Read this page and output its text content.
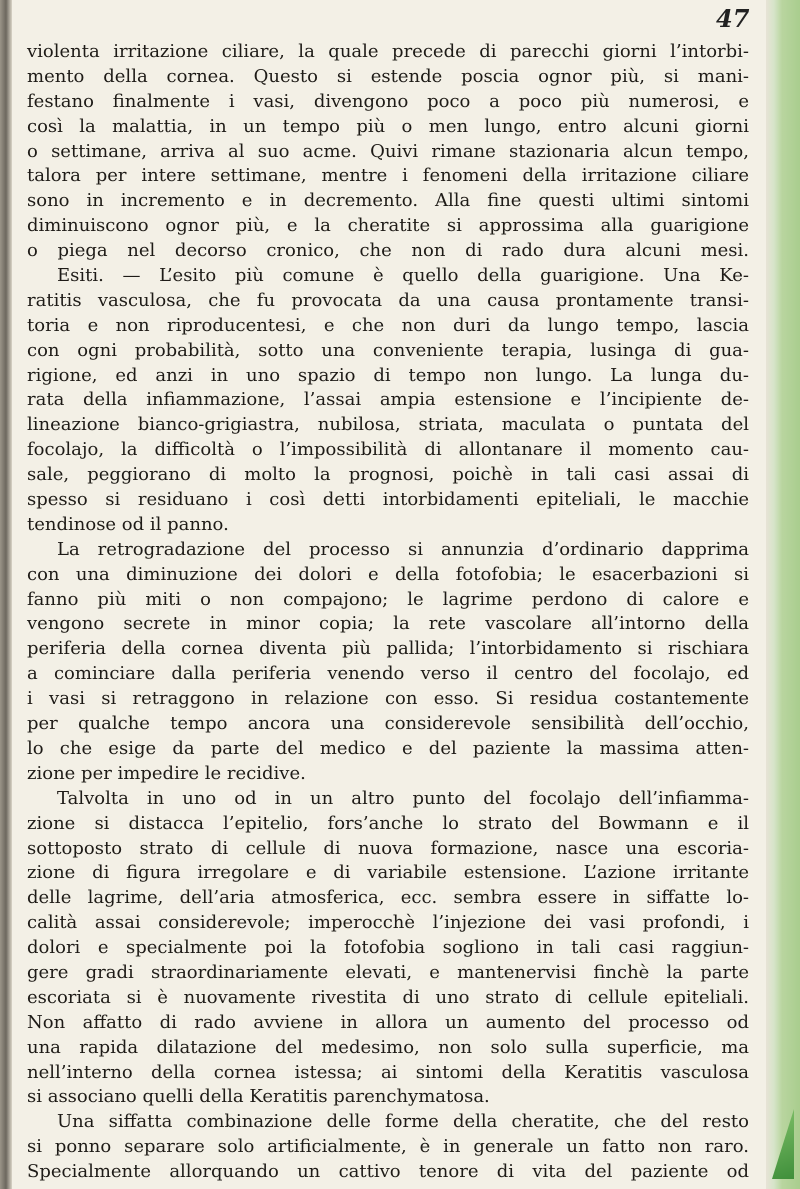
47
violenta irritazione ciliare, la quale precede di parecchi giorni l’intorbi-
mento della cornea. Questo si estende poscia ognor più, si mani-
festano finalmente i vasi, divengono poco a poco più numerosi, e
così la malattia, in un tempo più o men lungo, entro alcuni giorni
o settimane, arriva al suo acme. Quivi rimane stazionaria alcun tempo,
talora per intere settimane, mentre i fenomeni della irritazione ciliare
sono in incremento e in decremento. Alla fine questi ultimi sintomi
diminuiscono ognor più, e la cheratite si approssima alla guarigione
o piega nel decorso cronico, che non di rado dura alcuni mesi.
Esiti. — L’esito più comune è quello della guarigione. Una Ke-
ratitis vasculosa, che fu provocata da una causa prontamente transi-
toria e non riproducentesi, e che non duri da lungo tempo, lascia
con ogni probabilità, sotto una conveniente terapia, lusinga di gua-
rigione, ed anzi in uno spazio di tempo non lungo. La lunga du-
rata della infiammazione, l’assai ampia estensione e l’incipiente de-
lineazione bianco-grigiastra, nubilosa, striata, maculata o puntata del
focolajo, la difficoltà o l’impossibilità di allontanare il momento cau-
sale, peggiorano di molto la prognosi, poichè in tali casi assai di
spesso si residuano i così detti intorbidamenti epiteliali, le macchie
tendinose od il panno.
La retrogradazione del processo si annunzia d’ordinario dapprima
con una diminuzione dei dolori e della fotofobia; le esacerbazioni si
fanno più miti o non compajono; le lagrime perdono di calore e
vengono secrete in minor copia; la rete vascolare all’intorno della
periferia della cornea diventa più pallida; l’intorbidamento si rischiara
a cominciare dalla periferia venendo verso il centro del focolajo, ed
i vasi si retraggono in relazione con esso. Si residua costantemente
per qualche tempo ancora una considerevole sensibilità dell’occhio,
lo che esige da parte del medico e del paziente la massima atten-
zione per impedire le recidive.
Talvolta in uno od in un altro punto del focolajo dell’infiamma-
zione si distacca l’epitelio, fors’anche lo strato del Bowmann e il
sottoposto strato di cellule di nuova formazione, nasce una escoria-
zione di figura irregolare e di variabile estensione. L’azione irritante
delle lagrime, dell’aria atmosferica, ecc. sembra essere in siffatte lo-
calità assai considerevole; imperocchè l’injezione dei vasi profondi, i
dolori e specialmente poi la fotofobia sogliono in tali casi raggiun-
gere gradi straordinariamente elevati, e mantenervisi finchè la parte
escoriata si è nuovamente rivestita di uno strato di cellule epiteliali.
Non affatto di rado avviene in allora un aumento del processo od
una rapida dilatazione del medesimo, non solo sulla superficie, ma
nell’interno della cornea istessa; ai sintomi della Keratitis vasculosa
si associano quelli della Keratitis parenchymatosa.
Una siffatta combinazione delle forme della cheratite, che del resto
si ponno separare solo artificialmente, è in generale un fatto non raro.
Specialmente allorquando un cattivo tenore di vita del paziente od
